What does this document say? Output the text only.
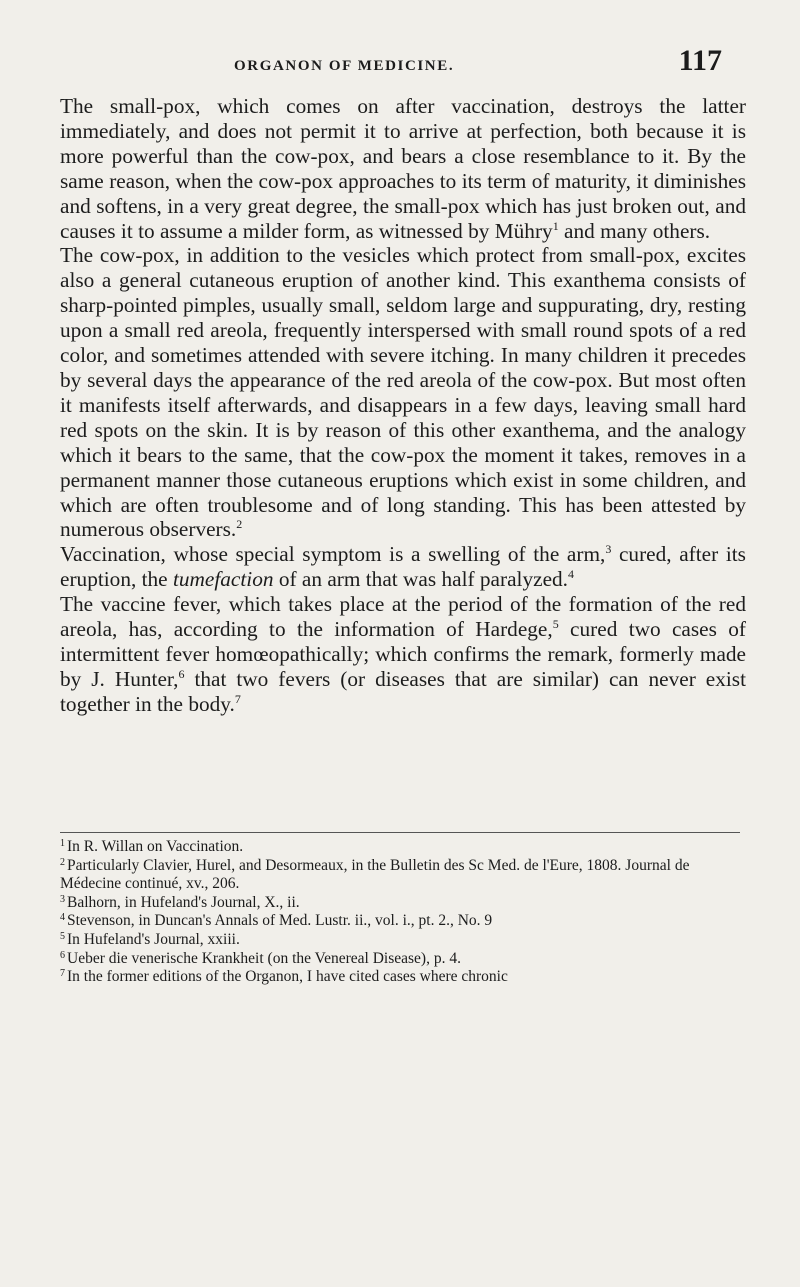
ORGANON OF MEDICINE.	117

The small-pox, which comes on after vaccination, destroys the latter immediately, and does not permit it to arrive at perfection, both because it is more powerful than the cow-pox, and bears a close resemblance to it. By the same reason, when the cow-pox approaches to its term of maturity, it diminishes and softens, in a very great degree, the small-pox which has just broken out, and causes it to assume a milder form, as witnessed by Mühry$^1$ and many others.

The cow-pox, in addition to the vesicles which protect from small-pox, excites also a general cutaneous eruption of another kind. This exanthema consists of sharp-pointed pimples, usually small, seldom large and suppurating, dry, resting upon a small red areola, frequently interspersed with small round spots of a red color, and sometimes attended with severe itching. In many children it precedes by several days the appearance of the red areola of the cow-pox. But most often it manifests itself afterwards, and disappears in a few days, leaving small hard red spots on the skin. It is by reason of this other exanthema, and the analogy which it bears to the same, that the cow-pox the moment it takes, removes in a permanent manner those cutaneous eruptions which exist in some children, and which are often troublesome and of long standing. This has been attested by numerous observers.$^2$

Vaccination, whose special symptom is a swelling of the arm,$^3$ cured, after its eruption, the tumefaction of an arm that was half paralyzed.$^4$

The vaccine fever, which takes place at the period of the formation of the red areola, has, according to the information of Hardege,$^5$ cured two cases of intermittent fever homœopathically; which confirms the remark, formerly made by J. Hunter,$^6$ that two fevers (or diseases that are similar) can never exist together in the body.$^7$

$^1$ In R. Willan on Vaccination.

$^2$ Particularly Clavier, Hurel, and Desormeaux, in the Bulletin des Sc Med. de l'Eure, 1808. Journal de Médecine continué, xv., 206.

$^3$ Balhorn, in Hufeland's Journal, X., ii.

$^4$ Stevenson, in Duncan's Annals of Med. Lustr. ii., vol. i., pt. 2., No. 9

$^5$ In Hufeland's Journal, xxiii.

$^6$ Ueber die venerische Krankheit (on the Venereal Disease), p. 4.

$^7$ In the former editions of the Organon, I have cited cases where chronic
